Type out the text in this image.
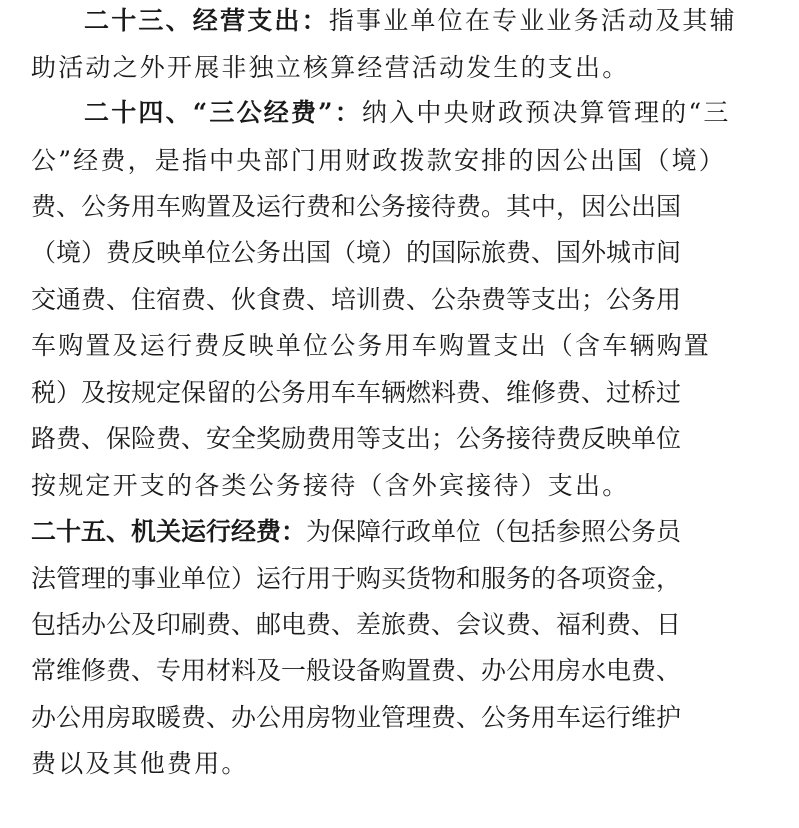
二十三、经营支出：指事业单位在专业业务活动及其辅
助活动之外开展非独立核算经营活动发生的支出。
二十四、“三公经费”：纳入中央财政预决算管理的“三
公”经费，是指中央部门用财政拨款安排的因公出国（境）
费、公务用车购置及运行费和公务接待费。其中，因公出国
（境）费反映单位公务出国（境）的国际旅费、国外城市间
交通费、住宿费、伙食费、培训费、公杂费等支出；公务用
车购置及运行费反映单位公务用车购置支出（含车辆购置
税）及按规定保留的公务用车车辆燃料费、维修费、过桥过
路费、保险费、安全奖励费用等支出；公务接待费反映单位
按规定开支的各类公务接待（含外宾接待）支出。
二十五、机关运行经费：为保障行政单位（包括参照公务员
法管理的事业单位）运行用于购买货物和服务的各项资金，
包括办公及印刷费、邮电费、差旅费、会议费、福利费、日
常维修费、专用材料及一般设备购置费、办公用房水电费、
办公用房取暖费、办公用房物业管理费、公务用车运行维护
费以及其他费用。
